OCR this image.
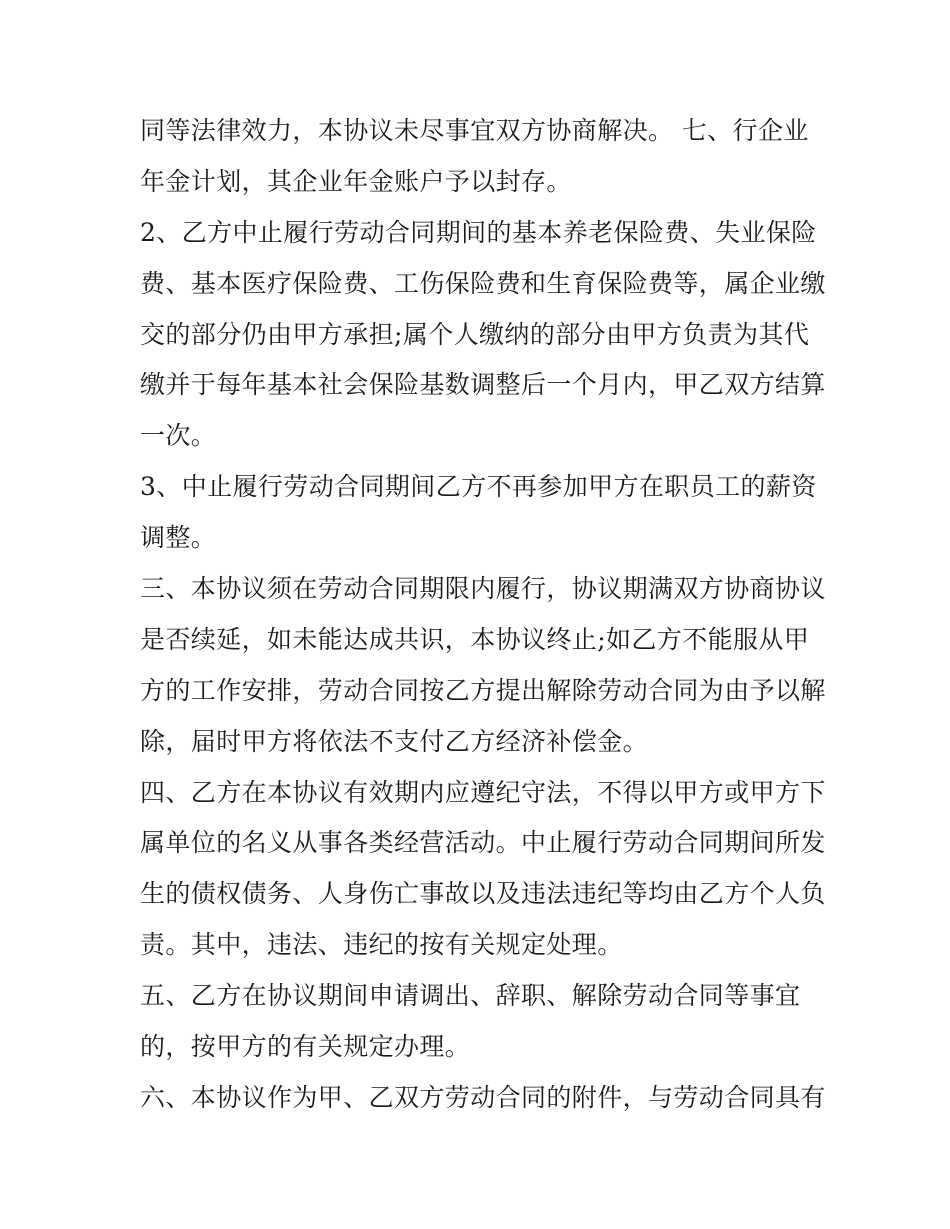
同等法律效力，本协议未尽事宜双方协商解决。 七、行企业
年金计划，其企业年金账户予以封存。
2、乙方中止履行劳动合同期间的基本养老保险费、失业保险
费、基本医疗保险费、工伤保险费和生育保险费等，属企业缴
交的部分仍由甲方承担;属个人缴纳的部分由甲方负责为其代
缴并于每年基本社会保险基数调整后一个月内，甲乙双方结算
一次。
3、中止履行劳动合同期间乙方不再参加甲方在职员工的薪资
调整。
三、本协议须在劳动合同期限内履行，协议期满双方协商协议
是否续延，如未能达成共识，本协议终止;如乙方不能服从甲
方的工作安排，劳动合同按乙方提出解除劳动合同为由予以解
除，届时甲方将依法不支付乙方经济补偿金。
四、乙方在本协议有效期内应遵纪守法，不得以甲方或甲方下
属单位的名义从事各类经营活动。中止履行劳动合同期间所发
生的债权债务、人身伤亡事故以及违法违纪等均由乙方个人负
责。其中，违法、违纪的按有关规定处理。
五、乙方在协议期间申请调出、辞职、解除劳动合同等事宜
的，按甲方的有关规定办理。
六、本协议作为甲、乙双方劳动合同的附件，与劳动合同具有
